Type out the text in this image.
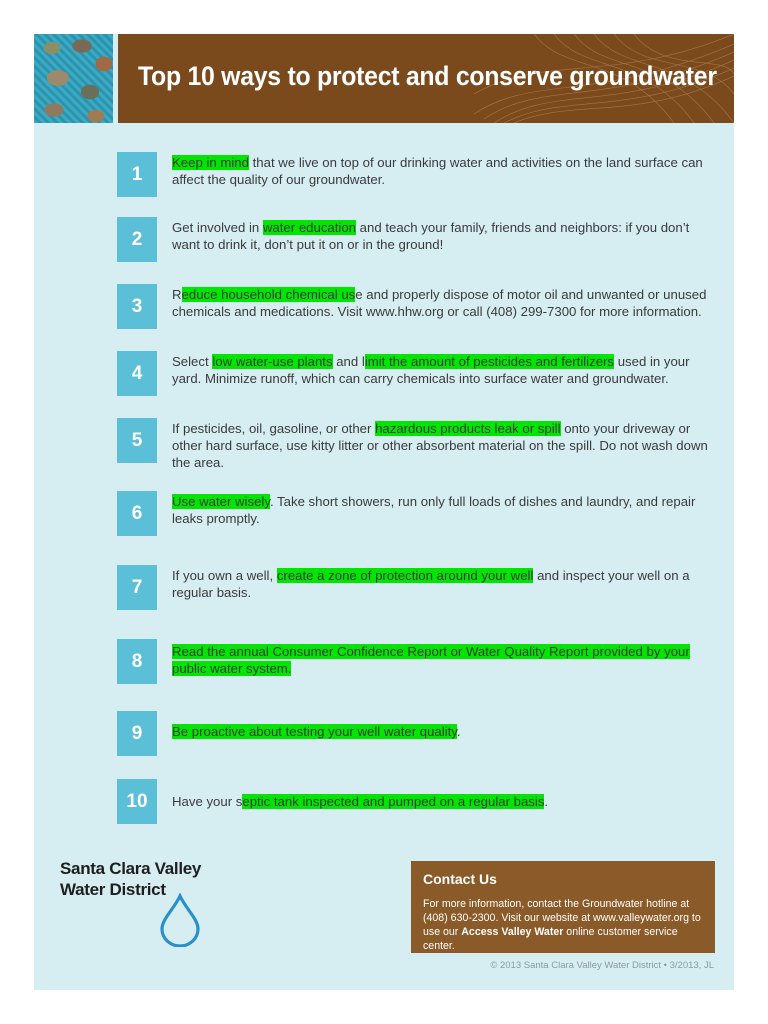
Top 10 ways to protect and conserve groundwater
1
Keep in mind that we live on top of our drinking water and activities on the land surface can affect the quality of our groundwater.
2
Get involved in water education and teach your family, friends and neighbors: if you don’t want to drink it, don’t put it on or in the ground!
3
Reduce household chemical use and properly dispose of motor oil and unwanted or unused chemicals and medications. Visit www.hhw.org or call (408) 299-7300 for more information.
4
Select low water-use plants and limit the amount of pesticides and fertilizers used in your yard. Minimize runoff, which can carry chemicals into surface water and groundwater.
5
If pesticides, oil, gasoline, or other hazardous products leak or spill onto your driveway or other hard surface, use kitty litter or other absorbent material on the spill. Do not wash down the area.
6
Use water wisely. Take short showers, run only full loads of dishes and laundry, and repair leaks promptly.
7
If you own a well, create a zone of protection around your well and inspect your well on a regular basis.
8	Read the annual Consumer Confidence Report or Water Quality Report provided by your public water system.
9	Be proactive about testing your well water quality.
10	Have your septic tank inspected and pumped on a regular basis.
Santa Clara Valley
Water District
Contact Us

For more information, contact the Groundwater hotline at (408) 630-2300. Visit our website at www.valleywater.org to use our Access Valley Water online customer service center.

© 2013 Santa Clara Valley Water District • 3/2013, JL
